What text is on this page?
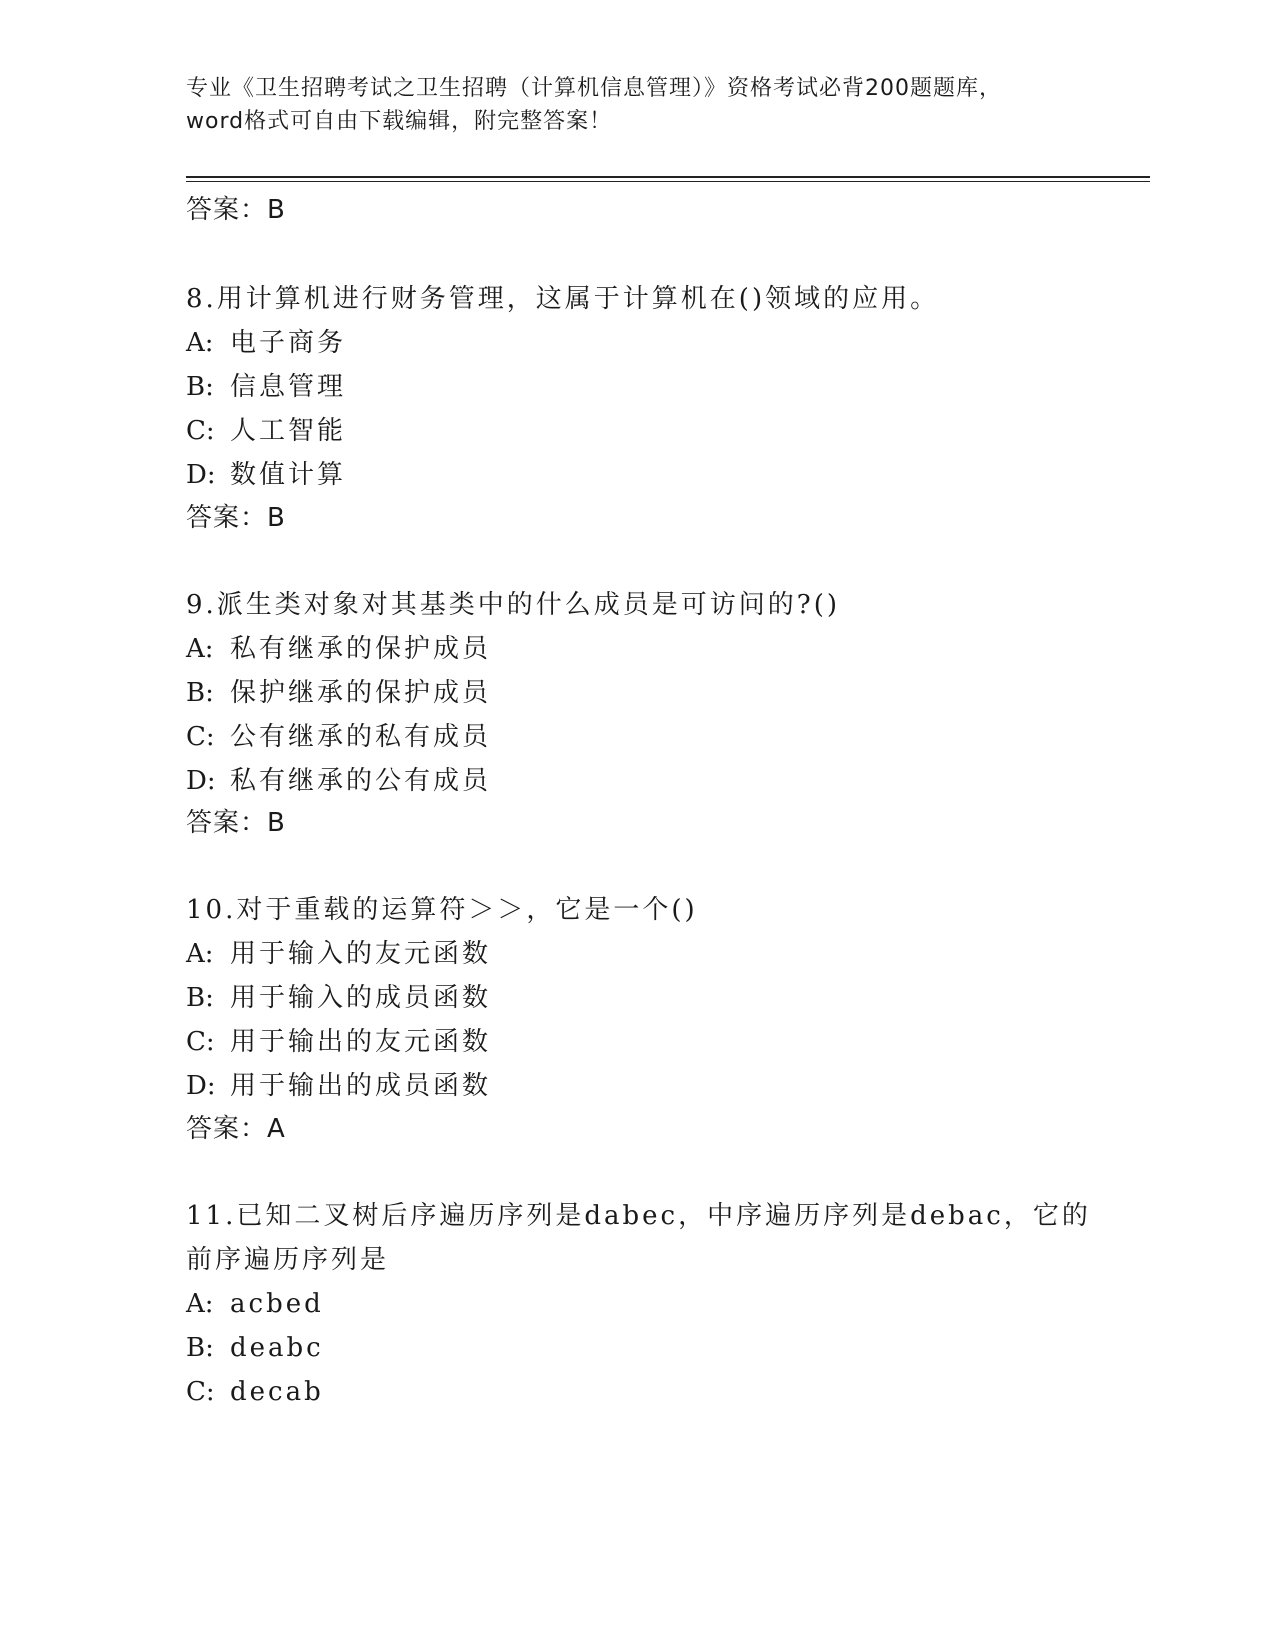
专业《卫生招聘考试之卫生招聘（计算机信息管理）》资格考试必背200题题库，
word格式可自由下载编辑，附完整答案！
答案：B
8.用计算机进行财务管理，这属于计算机在()领域的应用。
A: 电子商务
B: 信息管理
C: 人工智能
D: 数值计算
答案：B
9.派生类对象对其基类中的什么成员是可访问的?()
A: 私有继承的保护成员
B: 保护继承的保护成员
C: 公有继承的私有成员
D: 私有继承的公有成员
答案：B
10.对于重载的运算符＞＞，它是一个()
A: 用于输入的友元函数
B: 用于输入的成员函数
C: 用于输出的友元函数
D: 用于输出的成员函数
答案：A
11.已知二叉树后序遍历序列是dabec，中序遍历序列是debac，它的
前序遍历序列是
A: acbed
B: deabc
C: decab
